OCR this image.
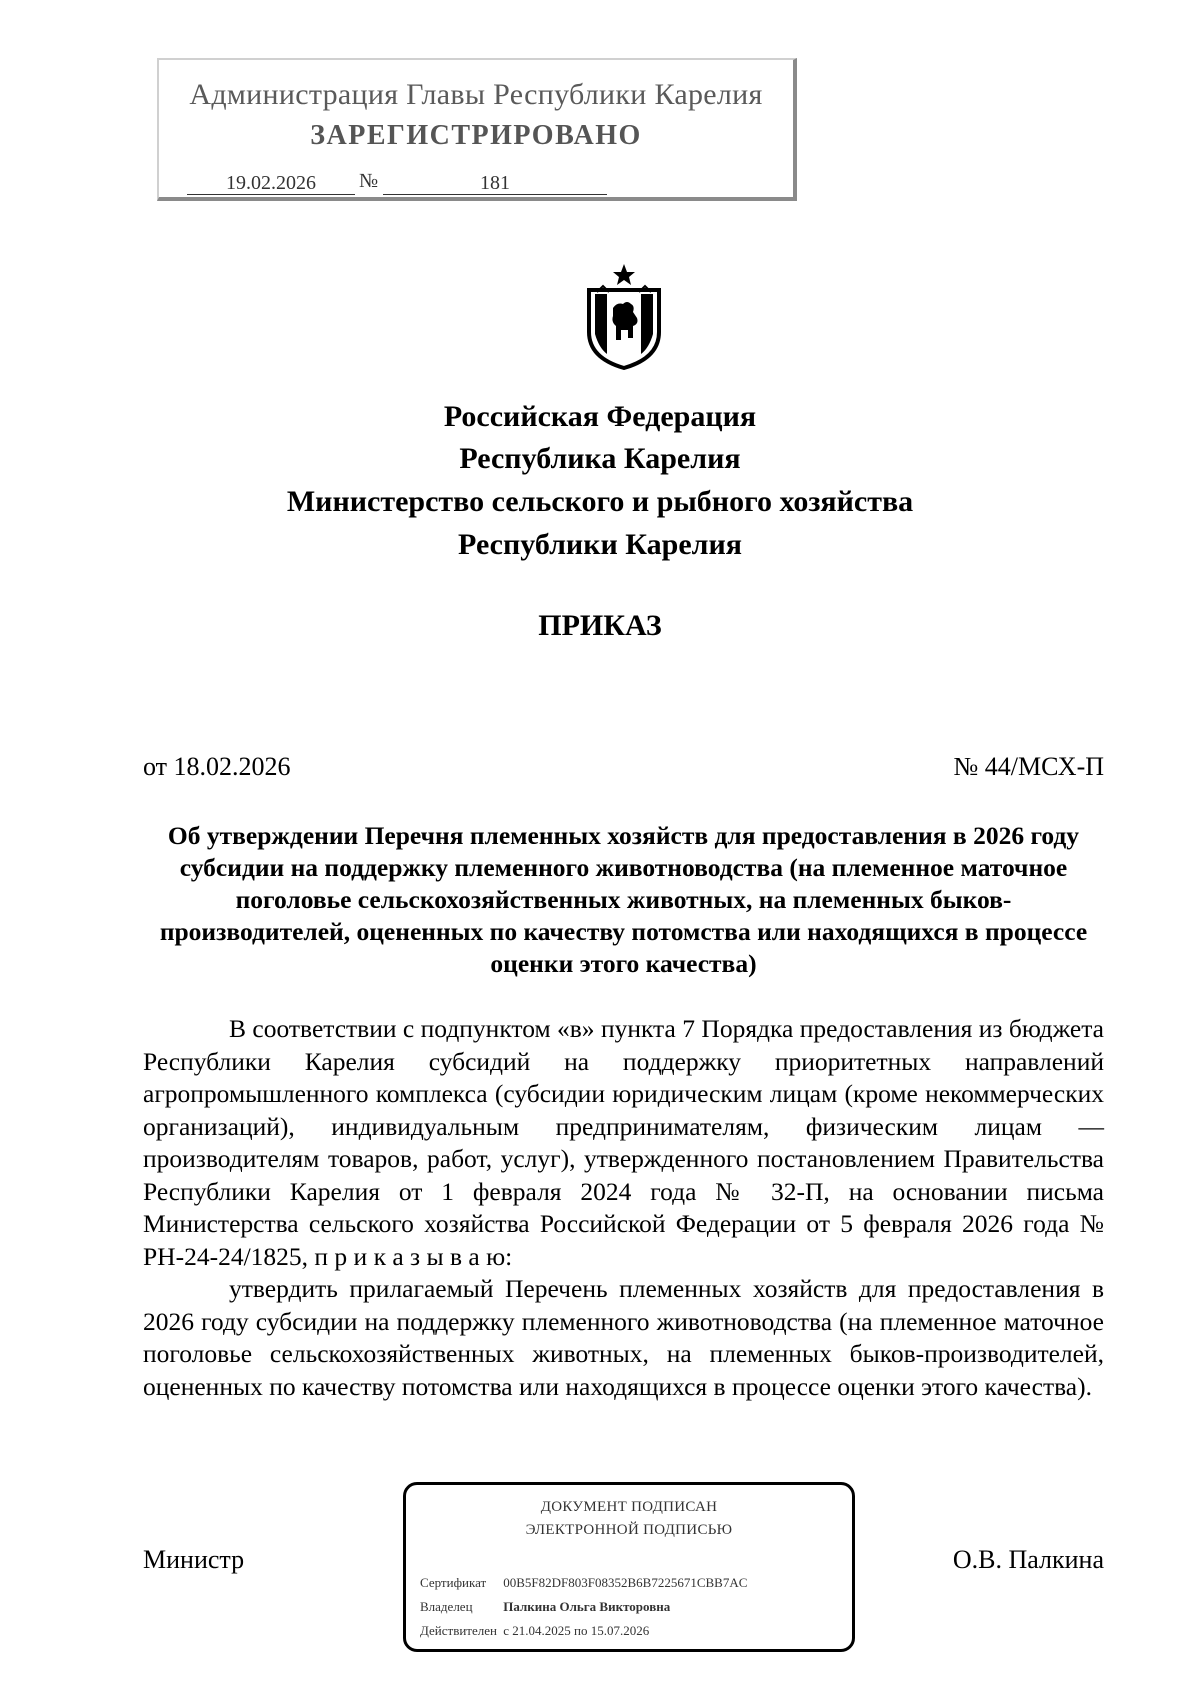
Администрация Главы Республики Карелия
ЗАРЕГИСТРИРОВАНО
19.02.2026	№	181
Российская Федерация
Республика Карелия
Министерство сельского и рыбного хозяйства
Республики Карелия
ПРИКАЗ
от 18.02.2026	№ 44/МСХ-П
Об утверждении Перечня племенных хозяйств для предоставления в 2026 году субсидии на поддержку племенного животноводства (на племенное маточное поголовье сельскохозяйственных животных, на племенных быков-производителей, оцененных по качеству потомства или находящихся в процессе оценки этого качества)

В соответствии с подпунктом «в» пункта 7 Порядка предоставления из бюджета Республики Карелия субсидий на поддержку приоритетных направлений агропромышленного комплекса (субсидии юридическим лицам (кроме некоммерческих организаций), индивидуальным предпринимателям, физическим лицам — производителям товаров, работ, услуг), утвержденного постановлением Правительства Республики Карелия от 1 февраля 2024 года № 32-П, на основании письма Министерства сельского хозяйства Российской Федерации от 5 февраля 2026 года № РН-24-24/1825, п р и к а з ы в а ю:

утвердить прилагаемый Перечень племенных хозяйств для предоставления в 2026 году субсидии на поддержку племенного животноводства (на племенное маточное поголовье сельскохозяйственных животных, на племенных быков-производителей, оцененных по качеству потомства или находящихся в процессе оценки этого качества).

Министр	О.В. Палкина
ДОКУМЕНТ ПОДПИСАН
ЭЛЕКТРОННОЙ ПОДПИСЬЮ
Сертификат 00B5F82DF803F08352B6B7225671CBB7AC
Владелец Палкина Ольга Викторовна
Действителен с 21.04.2025 по 15.07.2026
